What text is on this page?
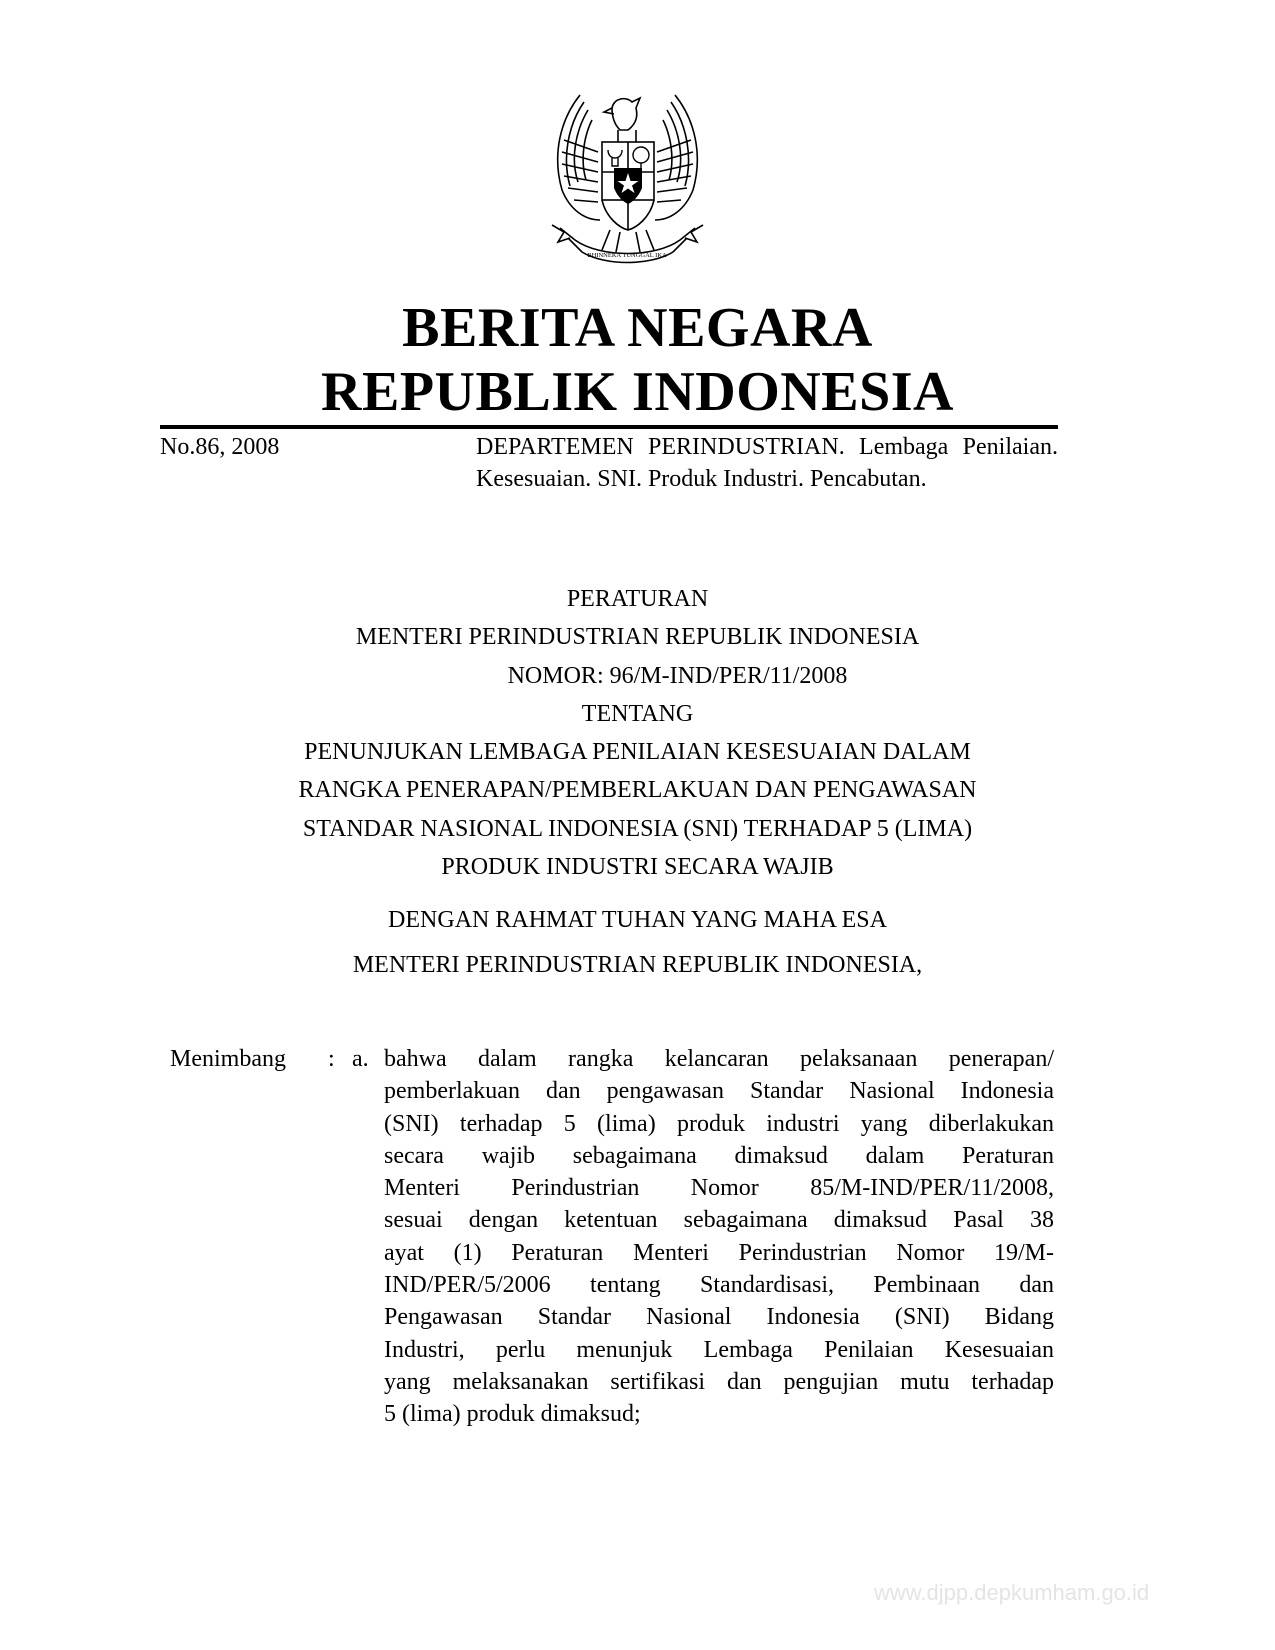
BHINNEKA TUNGGAL IKA
BERITA NEGARA
REPUBLIK INDONESIA
No.86, 2008	DEPARTEMEN PERINDUSTRIAN. Lembaga Penilaian. Kesesuaian. SNI. Produk Industri. Pencabutan.
PERATURAN
MENTERI PERINDUSTRIAN REPUBLIK INDONESIA
NOMOR: 96/M-IND/PER/11/2008
TENTANG
PENUNJUKAN LEMBAGA PENILAIAN KESESUAIAN DALAM
RANGKA PENERAPAN/PEMBERLAKUAN DAN PENGAWASAN
STANDAR NASIONAL INDONESIA (SNI) TERHADAP 5 (LIMA)
PRODUK INDUSTRI SECARA WAJIB
DENGAN RAHMAT TUHAN YANG MAHA ESA
MENTERI PERINDUSTRIAN REPUBLIK INDONESIA,
Menimbang : a. bahwa dalam rangka kelancaran pelaksanaan penerapan/
pemberlakuan dan pengawasan Standar Nasional Indonesia
(SNI) terhadap 5 (lima) produk industri yang diberlakukan
secara wajib sebagaimana dimaksud dalam Peraturan
Menteri Perindustrian Nomor 85/M-IND/PER/11/2008,
sesuai dengan ketentuan sebagaimana dimaksud Pasal 38
ayat (1) Peraturan Menteri Perindustrian Nomor 19/M-
IND/PER/5/2006 tentang Standardisasi, Pembinaan dan
Pengawasan Standar Nasional Indonesia (SNI) Bidang
Industri, perlu menunjuk Lembaga Penilaian Kesesuaian
yang melaksanakan sertifikasi dan pengujian mutu terhadap
5 (lima) produk dimaksud;
www.djpp.depkumham.go.id
